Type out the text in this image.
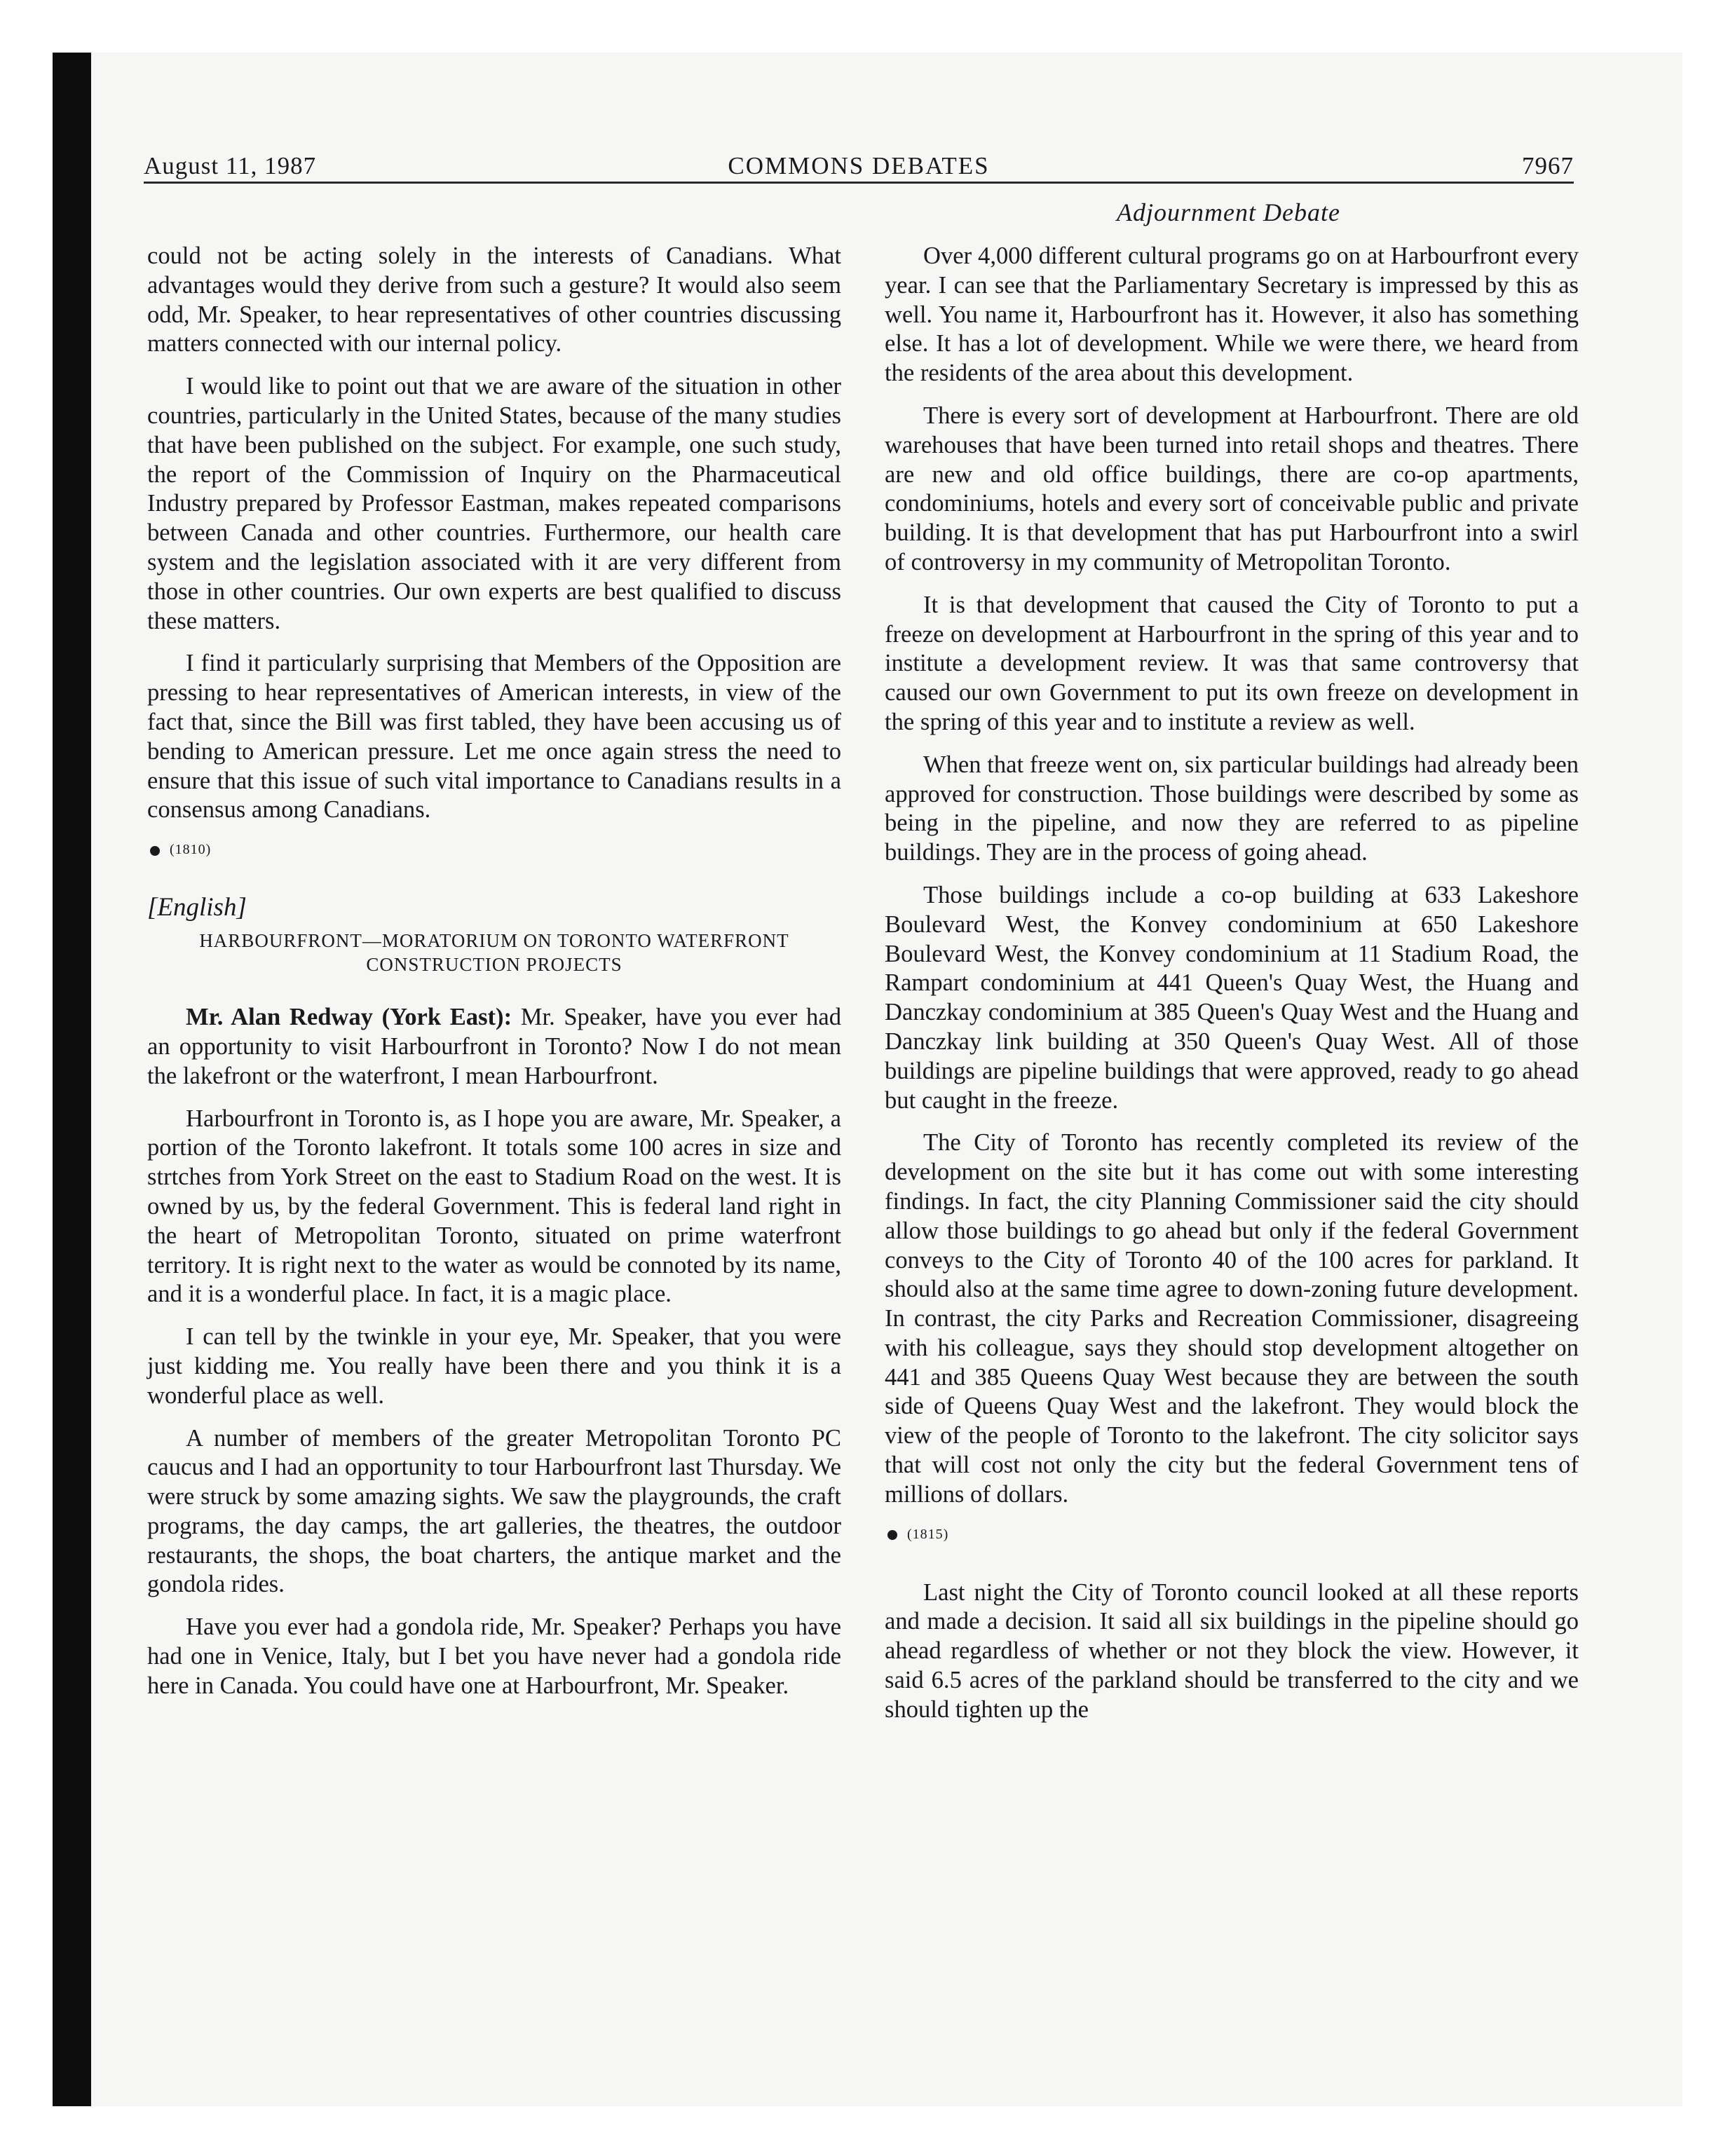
August 11, 1987	COMMONS DEBATES	7967
Adjournment Debate

could not be acting solely in the interests of Canadians. What advantages would they derive from such a gesture? It would also seem odd, Mr. Speaker, to hear representatives of other countries discussing matters connected with our internal policy.

I would like to point out that we are aware of the situation in other countries, particularly in the United States, because of the many studies that have been published on the subject. For example, one such study, the report of the Commission of Inquiry on the Pharmaceutical Industry prepared by Professor Eastman, makes repeated comparisons between Canada and other countries. Furthermore, our health care system and the legislation associated with it are very different from those in other countries. Our own experts are best qualified to discuss these matters.

I find it particularly surprising that Members of the Opposition are pressing to hear representatives of American interests, in view of the fact that, since the Bill was first tabled, they have been accusing us of bending to American pressure. Let me once again stress the need to ensure that this issue of such vital importance to Canadians results in a consensus among Canadians.

(1810)
[English]
HARBOURFRONT—MORATORIUM ON TORONTO WATERFRONT CONSTRUCTION PROJECTS

Mr. Alan Redway (York East): Mr. Speaker, have you ever had an opportunity to visit Harbourfront in Toronto? Now I do not mean the lakefront or the waterfront, I mean Harbourfront.

Harbourfront in Toronto is, as I hope you are aware, Mr. Speaker, a portion of the Toronto lakefront. It totals some 100 acres in size and strtches from York Street on the east to Stadium Road on the west. It is owned by us, by the federal Government. This is federal land right in the heart of Metropolitan Toronto, situated on prime waterfront territory. It is right next to the water as would be connoted by its name, and it is a wonderful place. In fact, it is a magic place.

I can tell by the twinkle in your eye, Mr. Speaker, that you were just kidding me. You really have been there and you think it is a wonderful place as well.

A number of members of the greater Metropolitan Toronto PC caucus and I had an opportunity to tour Harbourfront last Thursday. We were struck by some amazing sights. We saw the playgrounds, the craft programs, the day camps, the art galleries, the theatres, the outdoor restaurants, the shops, the boat charters, the antique market and the gondola rides.

Have you ever had a gondola ride, Mr. Speaker? Perhaps you have had one in Venice, Italy, but I bet you have never had a gondola ride here in Canada. You could have one at Harbourfront, Mr. Speaker.

Over 4,000 different cultural programs go on at Harbourfront every year. I can see that the Parliamentary Secretary is impressed by this as well. You name it, Harbourfront has it. However, it also has something else. It has a lot of development. While we were there, we heard from the residents of the area about this development.

There is every sort of development at Harbourfront. There are old warehouses that have been turned into retail shops and theatres. There are new and old office buildings, there are co-op apartments, condominiums, hotels and every sort of conceivable public and private building. It is that development that has put Harbourfront into a swirl of controversy in my community of Metropolitan Toronto.

It is that development that caused the City of Toronto to put a freeze on development at Harbourfront in the spring of this year and to institute a development review. It was that same controversy that caused our own Government to put its own freeze on development in the spring of this year and to institute a review as well.

When that freeze went on, six particular buildings had already been approved for construction. Those buildings were described by some as being in the pipeline, and now they are referred to as pipeline buildings. They are in the process of going ahead.

Those buildings include a co-op building at 633 Lakeshore Boulevard West, the Konvey condominium at 650 Lakeshore Boulevard West, the Konvey condominium at 11 Stadium Road, the Rampart condominium at 441 Queen's Quay West, the Huang and Danczkay condominium at 385 Queen's Quay West and the Huang and Danczkay link building at 350 Queen's Quay West. All of those buildings are pipeline buildings that were approved, ready to go ahead but caught in the freeze.

The City of Toronto has recently completed its review of the development on the site but it has come out with some interesting findings. In fact, the city Planning Commissioner said the city should allow those buildings to go ahead but only if the federal Government conveys to the City of Toronto 40 of the 100 acres for parkland. It should also at the same time agree to down-zoning future development. In contrast, the city Parks and Recreation Commissioner, disagreeing with his colleague, says they should stop development altogether on 441 and 385 Queens Quay West because they are between the south side of Queens Quay West and the lakefront. They would block the view of the people of Toronto to the lakefront. The city solicitor says that will cost not only the city but the federal Government tens of millions of dollars.

(1815)

Last night the City of Toronto council looked at all these reports and made a decision. It said all six buildings in the pipeline should go ahead regardless of whether or not they block the view. However, it said 6.5 acres of the parkland should be transferred to the city and we should tighten up the
